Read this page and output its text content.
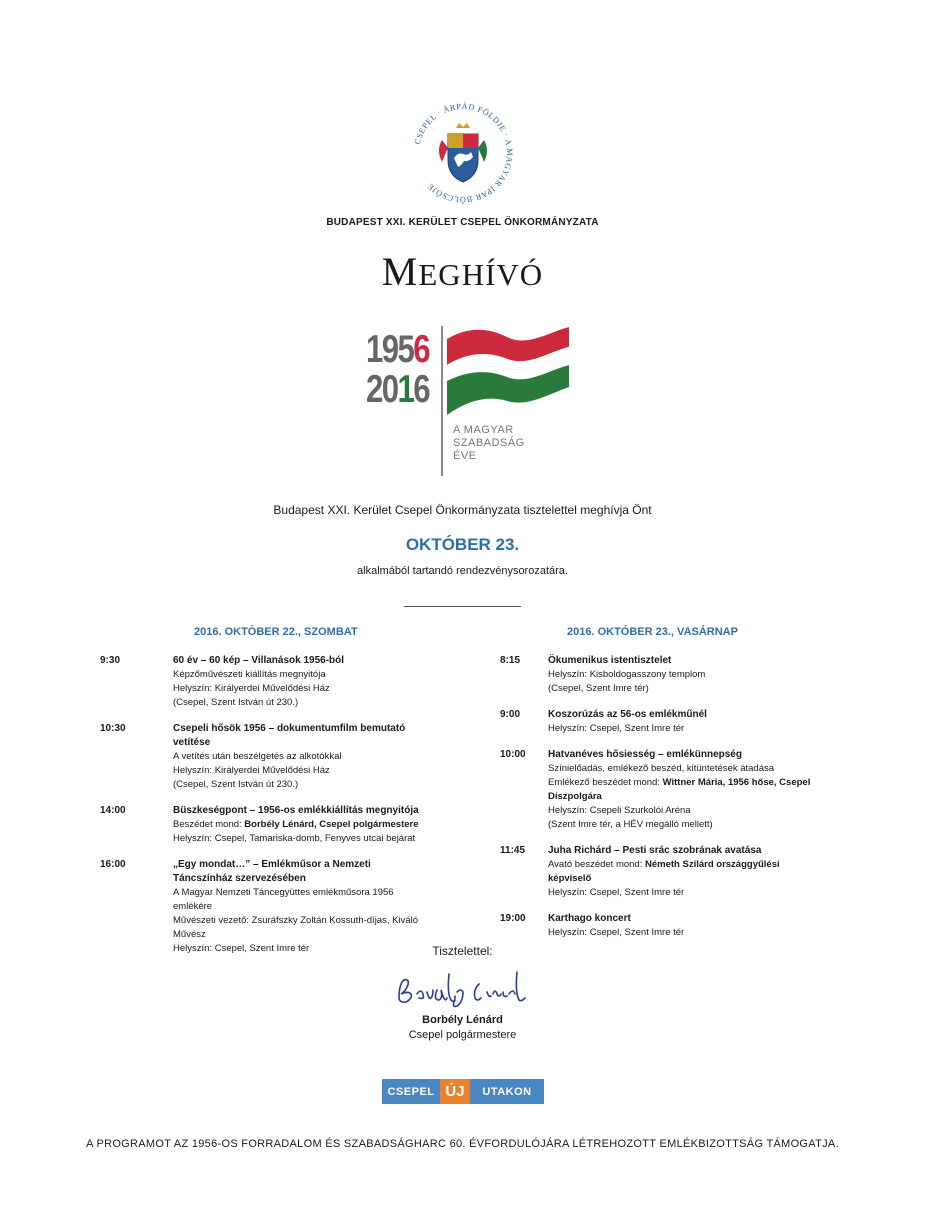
CSEPEL · ÁRPÁD FÖLDJE · A MAGYAR IPAR BÖLCSŐJE
BUDAPEST XXI. KERÜLET CSEPEL ÖNKORMÁNYZATA
MEGHÍVÓ
1956
2016
A MAGYAR
SZABADSÁG
ÉVE
Budapest XXI. Kerület Csepel Önkormányzata tisztelettel meghívja Önt
OKTÓBER 23.
alkalmából tartandó rendezvénysorozatára.
2016. OKTÓBER 22., SZOMBAT	2016. OKTÓBER 23., VASÁRNAP
9:30	60 év – 60 kép – Villanások 1956-ból
Képzőművészeti kiállítás megnyitója
Helyszín: Királyerdei Művelődési Ház
(Csepel, Szent István út 230.)
10:30	Csepeli hősök 1956 – dokumentumfilm bemutató vetítése
A vetítés után beszélgetés az alkotókkal
Helyszín: Királyerdei Művelődési Ház
(Csepel, Szent István út 230.)
14:00	Büszkeségpont – 1956-os emlékkiállítás megnyitója
Beszédet mond: Borbély Lénárd, Csepel polgármestere
Helyszín: Csepel, Tamariska-domb, Fenyves utcai bejárat
16:00	„Egy mondat…” – Emlékműsor a Nemzeti Táncszínház szervezésében
A Magyar Nemzeti Táncegyüttes emlékműsora 1956 emlékére
Művészeti vezető: Zsuráfszky Zoltán Kossuth-díjas, Kiváló Művész
Helyszín: Csepel, Szent Imre tér
8:15	Ökumenikus istentisztelet
Helyszín: Kisboldogasszony templom
(Csepel, Szent Imre tér)
9:00	Koszorúzás az 56-os emlékműnél
Helyszín: Csepel, Szent Imre tér
10:00	Hatvanéves hősiesség – emlékünnepség
Színielőadás, emlékező beszéd, kitüntetések átadása
Emlékező beszédet mond: Wittner Mária, 1956 hőse, Csepel Díszpolgára
Helyszín: Csepeli Szurkolói Aréna
(Szent Imre tér, a HÉV megálló mellett)
11:45	Juha Richárd – Pesti srác szobrának avatása
Avató beszédet mond: Németh Szilárd országgyűlési képviselő
Helyszín: Csepel, Szent Imre tér
19:00	Karthago koncert
Helyszín: Csepel, Szent Imre tér
Tisztelettel:
Borbély Lénárd
Csepel polgármestere
CSEPEL ÚJ	UTAKON
A PROGRAMOT AZ 1956-OS FORRADALOM ÉS SZABADSÁGHARC 60. ÉVFORDULÓJÁRA LÉTREHOZOTT EMLÉKBIZOTTSÁG TÁMOGATJA.
